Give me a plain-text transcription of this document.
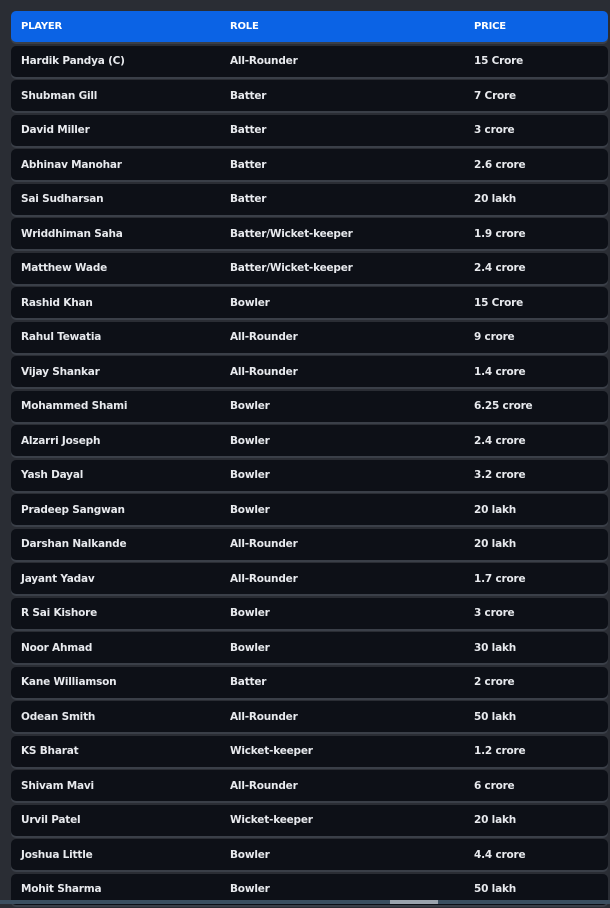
PLAYER	ROLE	PRICE
Hardik Pandya (C)	All-Rounder	15 Crore
Shubman Gill	Batter	7 Crore
David Miller	Batter	3 crore
Abhinav Manohar	Batter	2.6 crore
Sai Sudharsan	Batter	20 lakh
Wriddhiman Saha	Batter/Wicket-keeper	1.9 crore
Matthew Wade	Batter/Wicket-keeper	2.4 crore
Rashid Khan	Bowler	15 Crore
Rahul Tewatia	All-Rounder	9 crore
Vijay Shankar	All-Rounder	1.4 crore
Mohammed Shami	Bowler	6.25 crore
Alzarri Joseph	Bowler	2.4 crore
Yash Dayal	Bowler	3.2 crore
Pradeep Sangwan	Bowler	20 lakh
Darshan Nalkande	All-Rounder	20 lakh
Jayant Yadav	All-Rounder	1.7 crore
R Sai Kishore	Bowler	3 crore
Noor Ahmad	Bowler	30 lakh
Kane Williamson	Batter	2 crore
Odean Smith	All-Rounder	50 lakh
KS Bharat	Wicket-keeper	1.2 crore
Shivam Mavi	All-Rounder	6 crore
Urvil Patel	Wicket-keeper	20 lakh
Joshua Little	Bowler	4.4 crore
Mohit Sharma	Bowler	50 lakh
